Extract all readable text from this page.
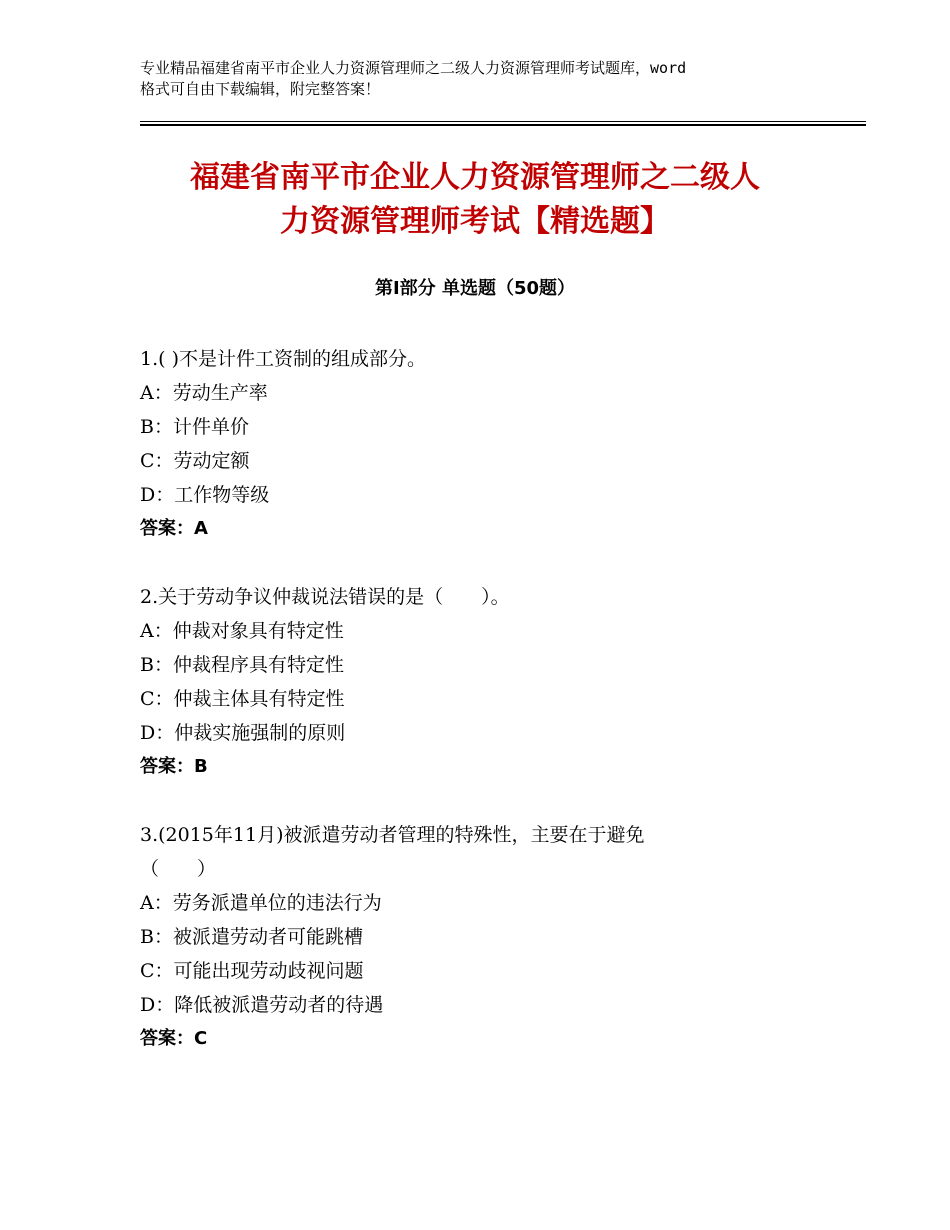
专业精品福建省南平市企业人力资源管理师之二级人力资源管理师考试题库，word
格式可自由下载编辑，附完整答案！
福建省南平市企业人力资源管理师之二级人
力资源管理师考试【精选题】
第Ⅰ部分 单选题（50题）
1.( )不是计件工资制的组成部分。
A：劳动生产率
B：计件单价
C：劳动定额
D：工作物等级
答案：A
2.关于劳动争议仲裁说法错误的是（　　）。
A：仲裁对象具有特定性
B：仲裁程序具有特定性
C：仲裁主体具有特定性
D：仲裁实施强制的原则
答案：B
3.(2015年11月)被派遣劳动者管理的特殊性，主要在于避免
（　　）
A：劳务派遣单位的违法行为
B：被派遣劳动者可能跳槽
C：可能出现劳动歧视问题
D：降低被派遣劳动者的待遇
答案：C
